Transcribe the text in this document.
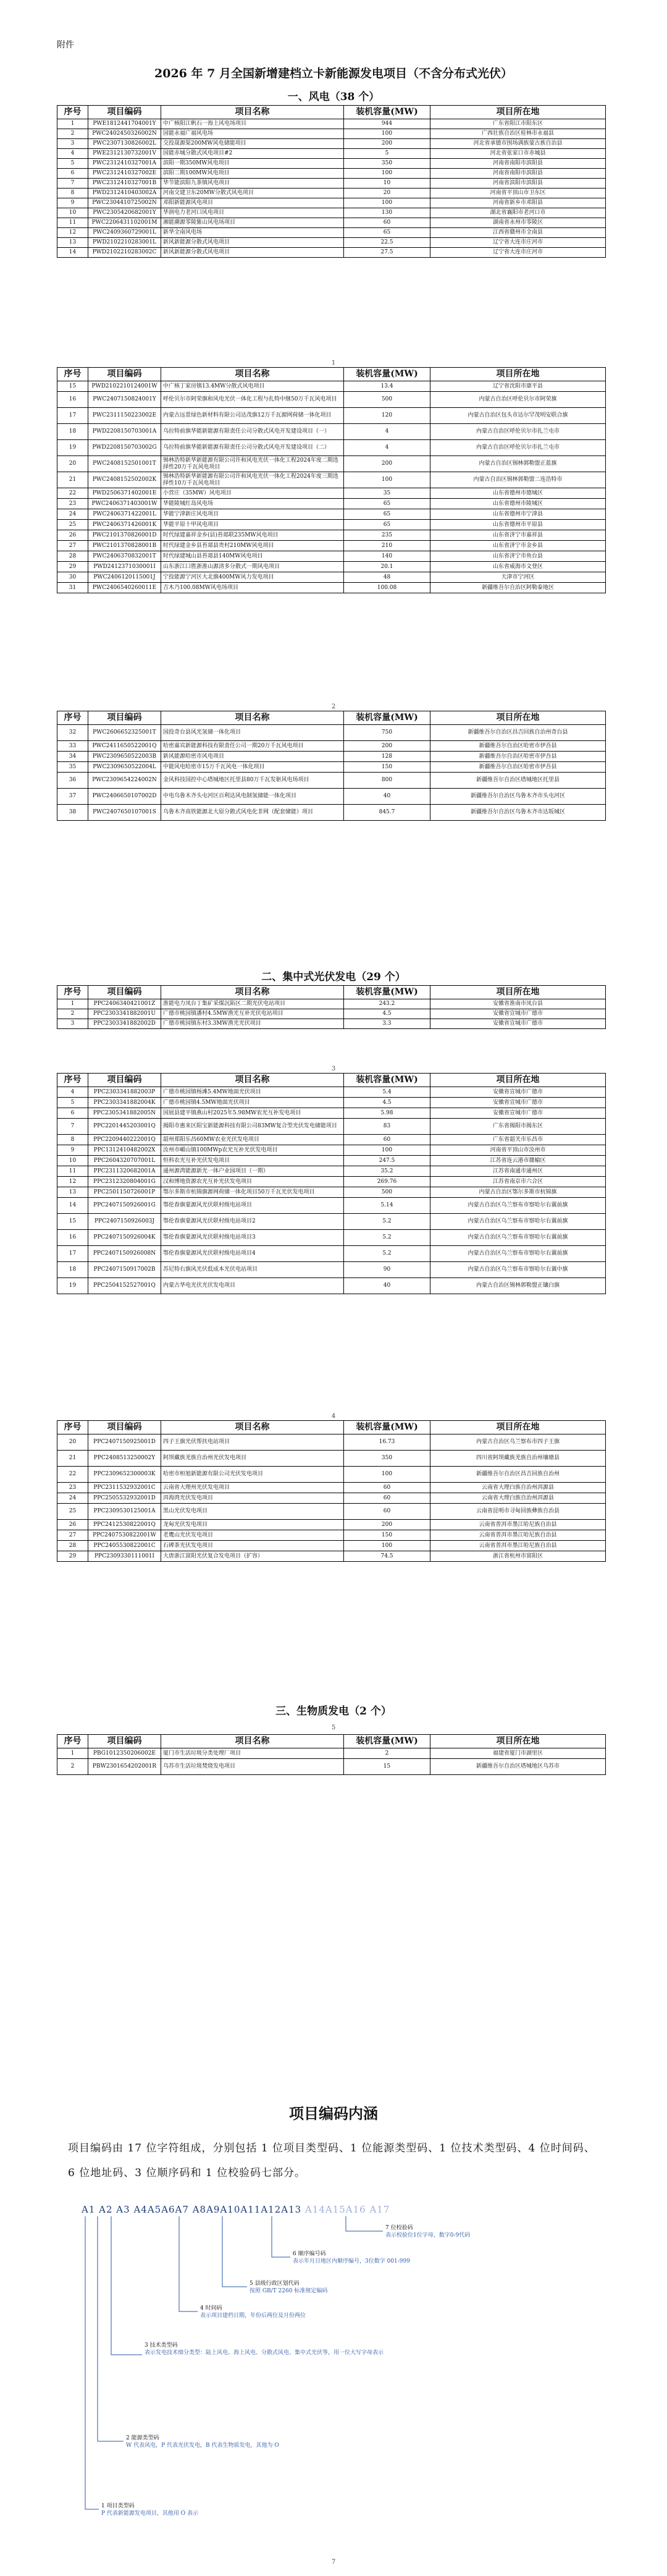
附件
2026 年 7 月全国新增建档立卡新能源发电项目（不含分布式光伏）
一、风电（38 个）
序号	项目编码	项目名称	装机容量(MW)	项目所在地
1	PWE1812441704001Y	中广核阳江帆石一海上风电场项目	944	广东省阳江市阳东区
2	PWC2402450326002N	国能永福广福风电场	100	广西壮族自治区桂林市永福县
3	PWC2307130826002L	交投晟源渠200MW风电储能项目	200	河北省承德市围场满族蒙古族自治县
4	PWE2312130732001V	国能赤城分散式风电项目#2	5	河北省张家口市赤城县
5	PWC2312410327001A	滨阳一期350MW风电项目	350	河南省南阳市滨阳县
6	PWC2312410327002E	滨阳二期100MW风电项目	100	河南省南阳市滨阳县
7	PWC2312410327001B	华节能滨阳九茶镇风电项目	10	河南省滨阳市滨阳县
8	PWD2312410403002A	河南交建卫东20MW分散式风电项目	20	河南省平顶山市卫东区
9	PWC2304410725002N	邓阳新能源风电项目	100	河南省新乡市邓阳县
10	PWC2305420682001Y	华润电力老河口风电项目	130	湖北省襄阳市老河口市
11	PWC2206431102001M	湘能潮源零陵紫山风电场项目	60	湖南省永州市零陵区
12	PWC2409360729001L	新华全南风电场	65	江西省赣州市全南县
13	PWD2102210283001L	新风新能源分散式风电项目	22.5	辽宁省大连市庄河市
14	PWD2102210283002C	新风新能源分散式风电项目	27.5	辽宁省大连市庄河市
1
序号	项目编码	项目名称	装机容量(MW)	项目所在地
15	PWD2102210124001W	中广核丁家房镇13.4MW分散式风电项目	13.4	辽宁省沈阳市康平县
16	PWC2407150824001Y	呼伦贝尔市阿荣旗和风电光伏一体化工程与扎特中继50万千瓦风电项目	500	内蒙古自治区呼伦贝尔市阿荣旗
17	PWC2311150223002E	内蒙古远景绿色新材料有限公司达茂旗12万千瓦源网荷储一体化项目	120	内蒙古自治区包头市达尔罕茂明安联合旗
18	PWD2208150703001A	乌拉特前旗华能新能源有限责任公司分散式风电开发建设项目（一）	4	内蒙古自治区呼伦贝尔市扎兰屯市
19	PWD2208150703002G	乌拉特前旗华能新能源有限责任公司分散式风电开发建设项目（二）	4	内蒙古自治区呼伦贝尔市扎兰屯市
20	PWC2408152501001T	锡林浩特新华新能源有限公司许和风电光伏一体化工程2024年度二期选择性20万千瓦风电项目	200	内蒙古自治区锡林郭勒盟正蓝旗
21	PWC2408152502002K	锡林浩特新华新能源有限公司许和风电光伏一体化工程2024年度三期选择性10万千瓦风电项目	100	内蒙古自治区锡林郭勒盟二连浩特市
22	PWD2506371402001E	小营庄（35MW）风电项目	35	山东省德州市德城区
23	PWC2406371403001W	华能陵城红岛风电场	65	山东省德州市陵城区
24	PWC2406371422001L	华能宁津新庄风电项目	65	山东省德州市宁津县
25	PWC2406371426001K	华能平原十甲风电项目	65	山东省德州市平原县
26	PWC2101370826001D	时代绿建嘉祥金乡(县)苔郯联235MW风电项目	235	山东省济宁市嘉祥县
27	PWC2101370828001B	时代绿建金乡县苔郯县贵村210MW风电项目	210	山东省济宁市金乡县
28	PWC2406370832001T	时代绿建城山县苔郯县140MW风电项目	140	山东省济宁市鱼台县
29	PWD2412371030001I	山东浙江口胜浙淮山源清多分散式一期风电项目	20.1	山东省威海市文登区
30	PWC2406120115001J	宁投能源宁河区大北旗400MW风力发电项目	48	天津市宁河区
31	PWC2406540260011E	吉木乃100.08MW风电场项目	100.08	新疆维吾尔自治区阿勒泰地区
2
序号	项目编码	项目名称	装机容量(MW)	项目所在地
32	PWC2606652325001T	国投奇台县风光氢储一体化项目	750	新疆维吾尔自治区昌吉回族自治州奇台县
33	PWC2411650522001Q	哈密嘉宾新能源科技有限责任公司一期20万千瓦风电项目	200	新疆维吾尔自治区哈密市伊吾县
34	PWC2309650522003B	新风能源哈密市风电项目	128	新疆维吾尔自治区哈密市伊吾县
35	PWC2309650522004L	中能风电哈密市15万千瓦风电一体化项目	150	新疆维吾尔自治区哈密市伊吾县
36	PWC2309654224002N	金风科技国控中心塔城地区托里县80万千瓦发驱风电场项目	800	新疆维吾尔自治区塔城地区托里县
37	PWC2406650107002D	中电乌鲁木齐头屯河区百利达风电制氢储能一体化项目	40	新疆维吾尔自治区乌鲁木齐市头屯河区
38	PWC2407650107001S	乌鲁木齐高铁能源北大原分散式风电化非网（配套储能）项目	845.7	新疆维吾尔自治区乌鲁木齐市达坂城区
二、集中式光伏发电（29 个）
序号	项目编码	项目名称	装机容量(MW)	项目所在地
1	PPC2406340421001Z	淮能电力凤台丁集矿采煤沉陷区二期光伏电站项目	243.2	安徽省淮南市凤台县
2	PPC2303341882001U	广德市桃园镇潘村4.5MW渔光互补光伏电站项目	4.5	安徽省宣城市广德市
3	PPC2303341882002D	广德市桃园镇东村3.3MW渔光光伏项目	3.3	安徽省宣城市广德市
3
序号	项目编码	项目名称	装机容量(MW)	项目所在地
4	PPC2303341882003P	广德市桃园镇杨滩5.4MW地面光伏项目	5.4	安徽省宣城市广德市
5	PPC2303341882004K	广德市桃园镇4.5MW地面光伏项目	4.5	安徽省宣城市广德市
6	PPC2305341882005N	国展县建平镇燕山村2025年5.98MW农光互补发电项目	5.98	安徽省宣城市广德市
7	PPC2201445203001Q	揭阳市惠来区阳宝新能源科技有限公司83MW复合型光伏发电储能项目	83	广东省揭阳市揭东区
8	PPC2209440222001Q	韶州郑阳乐昌60MW农业光伏发电项目	60	广东省韶关市乐昌市
9	PPC1312410482002X	汝州市嵋山镇100MWp农光互补光伏发电项目	100	河南省平顶山市汝州市
10	PPC2604320707001L	恒科农光互补光伏发电项目	247.5	江苏省连云港市赣榆区
11	PPC2311320682001A	通州源湾能源新光一体户业园项目（一期）	35.2	江苏省南通市通州区
12	PPC2312320804001G	汉和博地资源农光互补光伏发电项目	269.76	江苏省南京市六合区
13	PPC2501150726001P	鄂尔多斯市杭锦旗源网荷储一体化项目50万千瓦光伏发电项目	500	内蒙古自治区鄂尔多斯市杭锦旗
14	PPC2407150926001G	鄂伦春旗蒙源风光伏联村级电站项目	5.14	内蒙古自治区乌兰察布市察哈尔右翼前旗
15	PPC2407150926003J	鄂伦春旗蒙源风光伏联村级电站项目2	5.2	内蒙古自治区乌兰察布市察哈尔右翼前旗
16	PPC2407150926004K	鄂伦春旗蒙源风光伏联村级电站项目3	5.2	内蒙古自治区乌兰察布市察哈尔右翼前旗
17	PPC2407150926008N	鄂伦春旗蒙源风光伏联村级电站项目4	5.2	内蒙古自治区乌兰察布市察哈尔右翼前旗
18	PPC2407150917002B	苏尼特右旗风光伏低成本光伏电站项目	90	内蒙古自治区乌兰察布市察哈尔右翼中旗
19	PPC2504152527001Q	内蒙古华电光伏光伏发电项目	40	内蒙古自治区锡林郭勒盟正镶白旗
4
序号	项目编码	项目名称	装机容量(MW)	项目所在地
20	PPC2407150925001D	四子王旗光伏帮扶电站项目	16.73	内蒙古自治区乌兰察布市四子王旗
21	PPC2408513250002Y	阿坝藏族羌族自治州光伏发电项目	350	四川省阿坝藏族羌族自治州壤塘县
22	PPC2309652300003K	哈密市桓旭新能源有限公司光伏发电项目	100	新疆维吾尔自治区昌吉回族自治州
23	PPC2311532932001C	云南省大理州光伏发电项目	60	云南省大理白族自治州洱源县
24	PPC2505532932001D	洱海湾光伏发电项目	60	云南省大理白族自治州洱源县
25	PPC2309530125001A	黑山光伏发电项目	60	云南省昆明市寻甸回族彝族自治县
26	PPC2412530822001Q	龙甸光伏发电项目	200	云南省普洱市墨江哈尼族自治县
27	PPC2407530822001W	老鹰山光伏发电项目	150	云南省普洱市墨江哈尼族自治县
28	PPC2405530822001C	石碑茶光伏发电项目	100	云南省普洱市墨江哈尼族自治县
29	PPC2309330111001I	大唐浙江富阳光伏复合发电项目（扩容）	74.5	浙江省杭州市富阳区
三、生物质发电（2 个）
5
序号	项目编码	项目名称	装机容量(MW)	项目所在地
1	PBG1012350206002E	厦门市生活垃圾分类处理厂项目	2	福建省厦门市湖里区
2	PBW2301654202001R	乌苏市生活垃圾焚烧发电项目	15	新疆维吾尔自治区塔城地区乌苏市
项目编码内涵
项目编码由 17 位字符组成，分别包括 1 位项目类型码、1 位能源类型码、1 位技术类型码、4 位时间码、6 位地址码、3 位顺序码和 1 位校验码七部分。
A1 A2 A3 A4A5A6A7 A8A9A10A11A12A13 A14A15A16 A17
7 位校验码
表示校验位1位字母，数字0-9代码
6 顺序编号码
表示年月日地区内顺序编号，3位数字 001-999
5 县级行政区划代码
按照 GB/T 2260 标准规定编码
4 时间码
表示项目建档日期，年份后两位及月份两位
3 技术类型码
表示发电技术细分类型：陆上风电、海上风电、分散式风电、集中式光伏等，用一位大写字母表示
2 能源类型码
W 代表风电，P 代表光伏发电，B 代表生物质发电，其他为 O
1 项目类型码
P 代表新能源发电项目，其他用 O 表示
7
